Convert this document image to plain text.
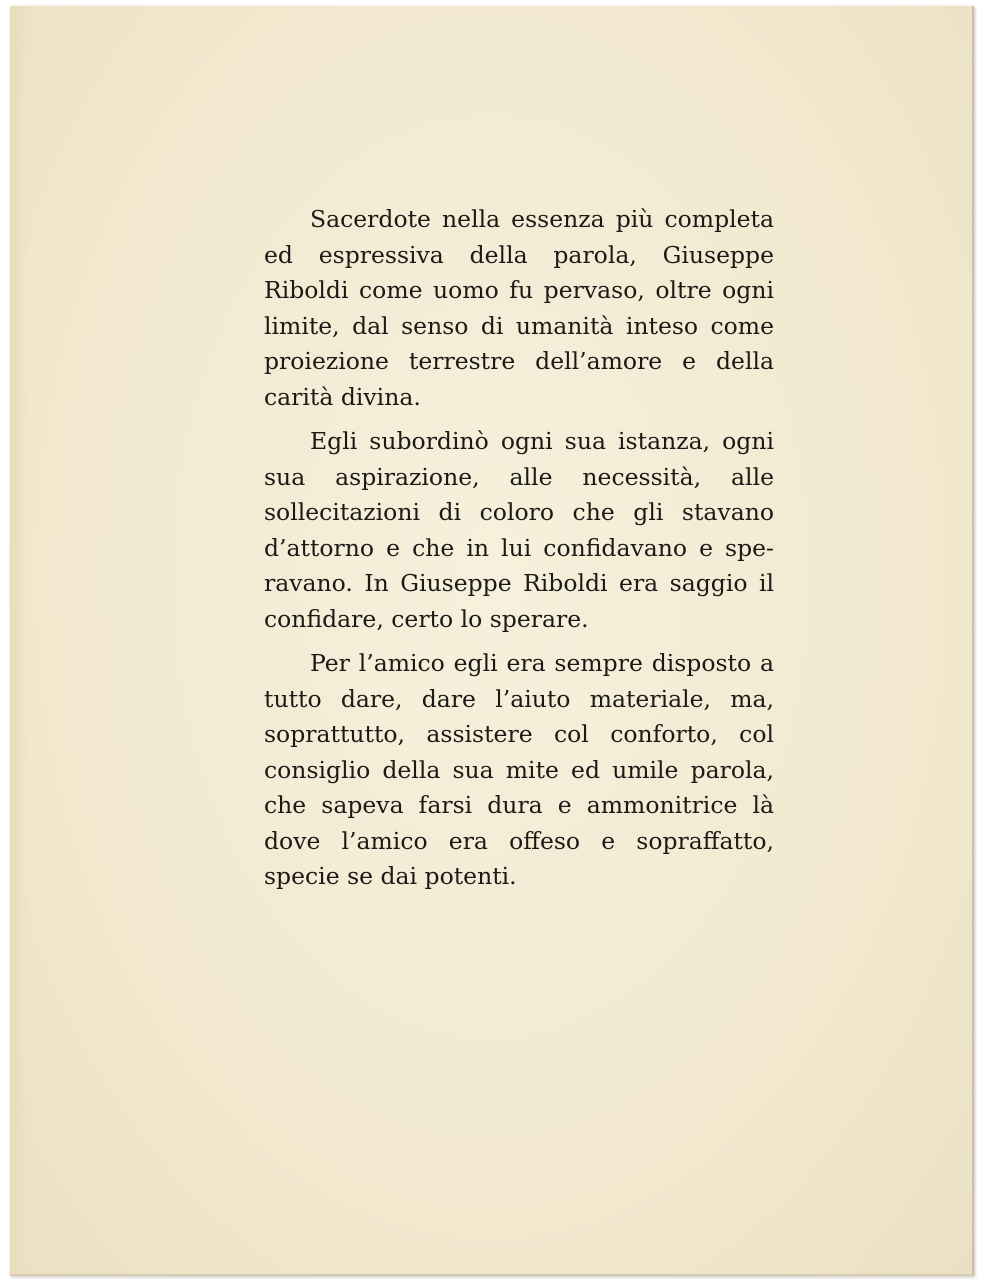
Sacerdote nella essenza più completa ed espressiva della parola, Giuseppe Riboldi come uomo fu pervaso, oltre ogni limite, dal senso di umanità inteso come proiezione terrestre dell’amore e della carità divina.

Egli subordinò ogni sua istanza, ogni sua aspirazione, alle necessità, alle sollecitazioni di coloro che gli stavano d’attorno e che in lui confidavano e spe-ravano. In Giuseppe Riboldi era saggio il confidare, certo lo sperare.

Per l’amico egli era sempre disposto a tutto dare, dare l’aiuto materiale, ma, soprattutto, assistere col conforto, col consiglio della sua mite ed umile parola, che sapeva farsi dura e ammonitrice là dove l’amico era offeso e sopraffatto, specie se dai potenti.
